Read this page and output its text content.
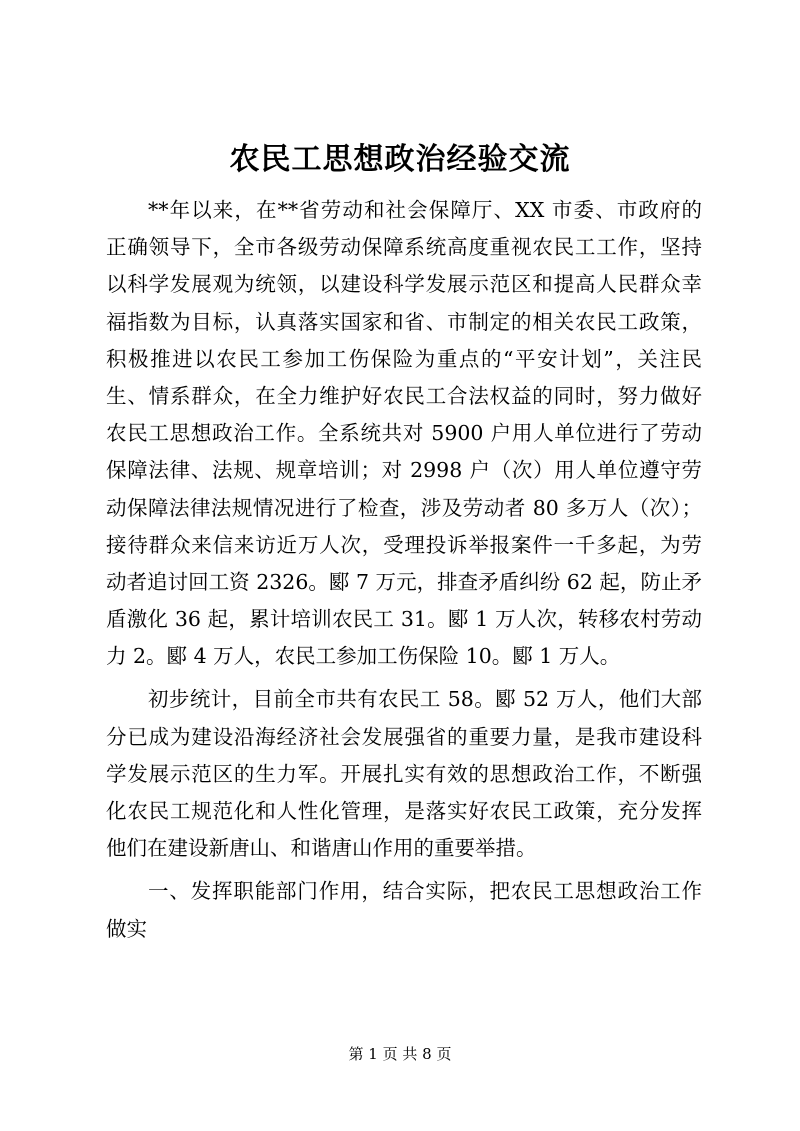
农民工思想政治经验交流
**年以来，在**省劳动和社会保障厅、XX 市委、市政府的
正确领导下，全市各级劳动保障系统高度重视农民工工作，坚持
以科学发展观为统领，以建设科学发展示范区和提高人民群众幸
福指数为目标，认真落实国家和省、市制定的相关农民工政策，
积极推进以农民工参加工伤保险为重点的“平安计划”，关注民
生、情系群众，在全力维护好农民工合法权益的同时，努力做好
农民工思想政治工作。全系统共对 5900 户用人单位进行了劳动
保障法律、法规、规章培训；对 2998 户（次）用人单位遵守劳
动保障法律法规情况进行了检查，涉及劳动者 80 多万人（次）；
接待群众来信来访近万人次，受理投诉举报案件一千多起，为劳
动者追讨回工资 2326。郾 7 万元，排查矛盾纠纷 62 起，防止矛
盾激化 36 起，累计培训农民工 31。郾 1 万人次，转移农村劳动
力 2。郾 4 万人，农民工参加工伤保险 10。郾 1 万人。
初步统计，目前全市共有农民工 58。郾 52 万人，他们大部
分已成为建设沿海经济社会发展强省的重要力量，是我市建设科
学发展示范区的生力军。开展扎实有效的思想政治工作，不断强
化农民工规范化和人性化管理，是落实好农民工政策，充分发挥
他们在建设新唐山、和谐唐山作用的重要举措。
一、发挥职能部门作用，结合实际，把农民工思想政治工作
做实
第 1 页 共 8 页
